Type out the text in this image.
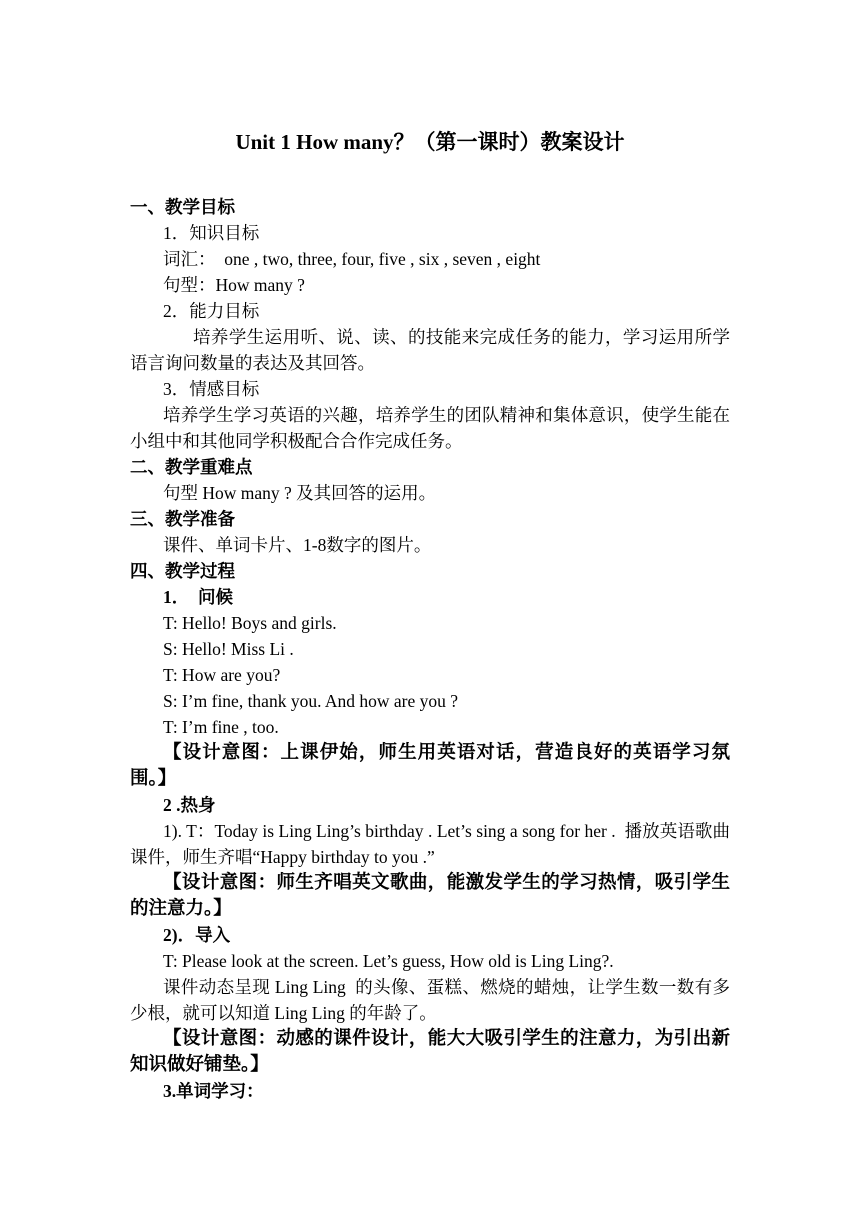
Unit 1 How many？（第一课时）教案设计

一、教学目标

1．知识目标

词汇：  one , two, three, four, five , six , seven , eight

句型：How many ?

2．能力目标

培养学生运用听、说、读、的技能来完成任务的能力，学习运用所学语言询问数量的表达及其回答。

3．情感目标

培养学生学习英语的兴趣，培养学生的团队精神和集体意识，使学生能在小组中和其他同学积极配合合作完成任务。

二、教学重难点

句型 How many ? 及其回答的运用。

三、教学准备

课件、单词卡片、1-8数字的图片。

四、教学过程

1．  问候

T: Hello! Boys and girls.

S: Hello! Miss Li .

T: How are you?

S: I’m fine, thank you. And how are you ?

T: I’m fine , too.

【设计意图：上课伊始，师生用英语对话，营造良好的英语学习氛围。】

2 .热身

1). T：Today is Ling Ling’s birthday . Let’s sing a song for her .  播放英语歌曲课件，师生齐唱“Happy birthday to you .”

【设计意图：师生齐唱英文歌曲，能激发学生的学习热情，吸引学生的注意力。】

2)．导入

T: Please look at the screen. Let’s guess, How old is Ling Ling?.

课件动态呈现 Ling Ling  的头像、蛋糕、燃烧的蜡烛，让学生数一数有多少根，就可以知道 Ling Ling 的年龄了。

【设计意图：动感的课件设计，能大大吸引学生的注意力，为引出新知识做好铺垫。】

3.单词学习：
